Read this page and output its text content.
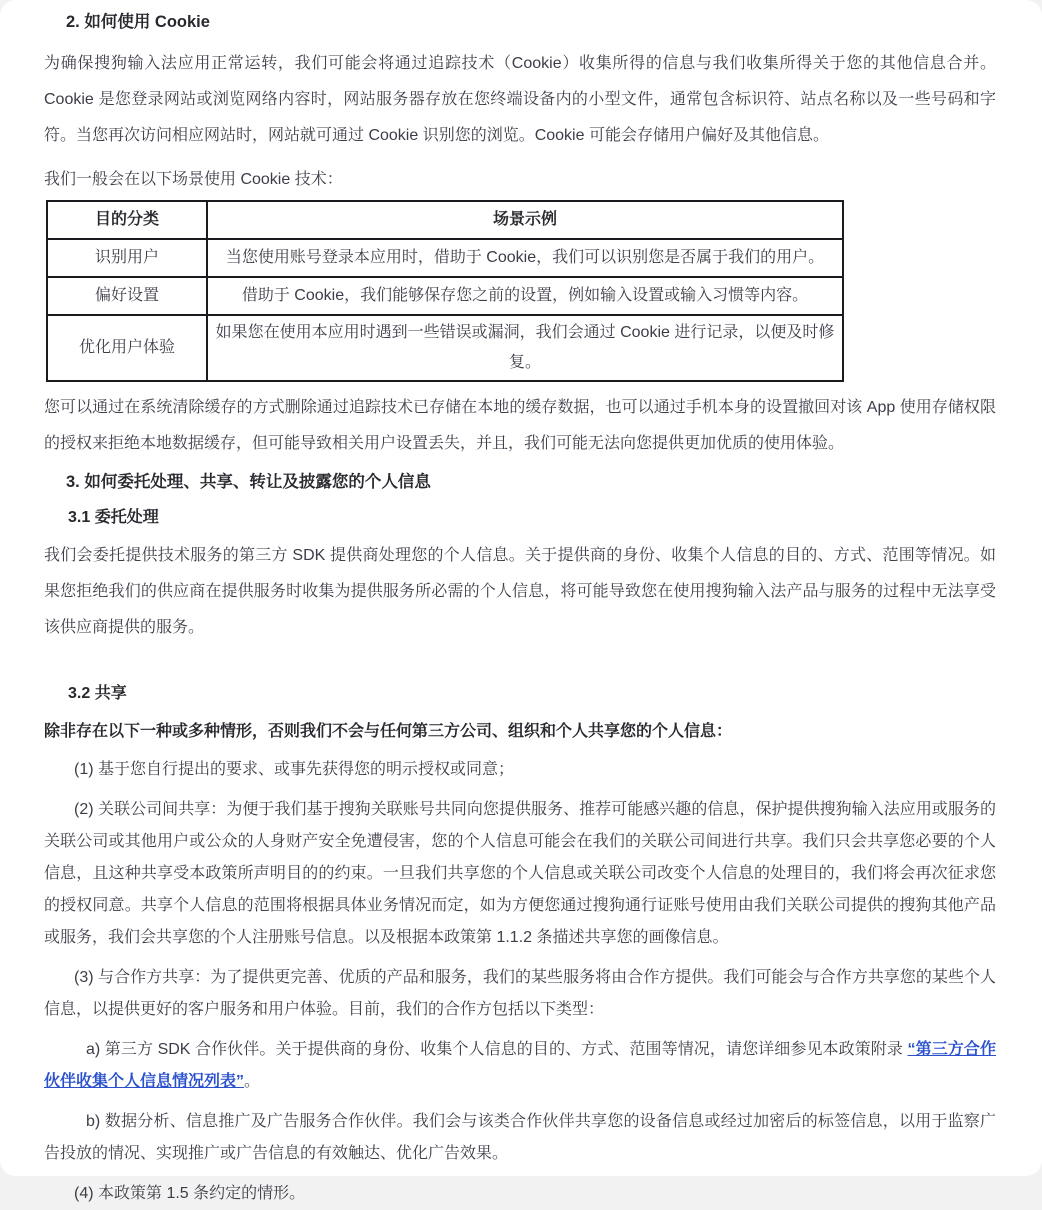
2. 如何使用 Cookie

为确保搜狗输入法应用正常运转，我们可能会将通过追踪技术（Cookie）收集所得的信息与我们收集所得关于您的其他信息合并。Cookie 是您登录网站或浏览网络内容时，网站服务器存放在您终端设备内的小型文件，通常包含标识符、站点名称以及一些号码和字符。当您再次访问相应网站时，网站就可通过 Cookie 识别您的浏览。Cookie 可能会存储用户偏好及其他信息。

我们一般会在以下场景使用 Cookie 技术：

目的分类	场景示例
识别用户	当您使用账号登录本应用时，借助于 Cookie，我们可以识别您是否属于我们的用户。
偏好设置	借助于 Cookie，我们能够保存您之前的设置，例如输入设置或输入习惯等内容。
优化用户体验	如果您在使用本应用时遇到一些错误或漏洞，我们会通过 Cookie 进行记录，以便及时修复。

您可以通过在系统清除缓存的方式删除通过追踪技术已存储在本地的缓存数据，也可以通过手机本身的设置撤回对该 App 使用存储权限的授权来拒绝本地数据缓存，但可能导致相关用户设置丢失，并且，我们可能无法向您提供更加优质的使用体验。

3. 如何委托处理、共享、转让及披露您的个人信息
3.1 委托处理

我们会委托提供技术服务的第三方 SDK 提供商处理您的个人信息。关于提供商的身份、收集个人信息的目的、方式、范围等情况。如果您拒绝我们的供应商在提供服务时收集为提供服务所必需的个人信息，将可能导致您在使用搜狗输入法产品与服务的过程中无法享受该供应商提供的服务。

3.2 共享

除非存在以下一种或多种情形，否则我们不会与任何第三方公司、组织和个人共享您的个人信息：

(1) 基于您自行提出的要求、或事先获得您的明示授权或同意；

(2) 关联公司间共享：为便于我们基于搜狗关联账号共同向您提供服务、推荐可能感兴趣的信息，保护提供搜狗输入法应用或服务的关联公司或其他用户或公众的人身财产安全免遭侵害，您的个人信息可能会在我们的关联公司间进行共享。我们只会共享您必要的个人信息，且这种共享受本政策所声明目的的约束。一旦我们共享您的个人信息或关联公司改变个人信息的处理目的，我们将会再次征求您的授权同意。共享个人信息的范围将根据具体业务情况而定，如为方便您通过搜狗通行证账号使用由我们关联公司提供的搜狗其他产品或服务，我们会共享您的个人注册账号信息。以及根据本政策第 1.1.2 条描述共享您的画像信息。

(3) 与合作方共享：为了提供更完善、优质的产品和服务，我们的某些服务将由合作方提供。我们可能会与合作方共享您的某些个人信息，以提供更好的客户服务和用户体验。目前，我们的合作方包括以下类型：

a) 第三方 SDK 合作伙伴。关于提供商的身份、收集个人信息的目的、方式、范围等情况，请您详细参见本政策附录 “第三方合作伙伴收集个人信息情况列表”。

b) 数据分析、信息推广及广告服务合作伙伴。我们会与该类合作伙伴共享您的设备信息或经过加密后的标签信息，以用于监察广告投放的情况、实现推广或广告信息的有效触达、优化广告效果。

(4) 本政策第 1.5 条约定的情形。
